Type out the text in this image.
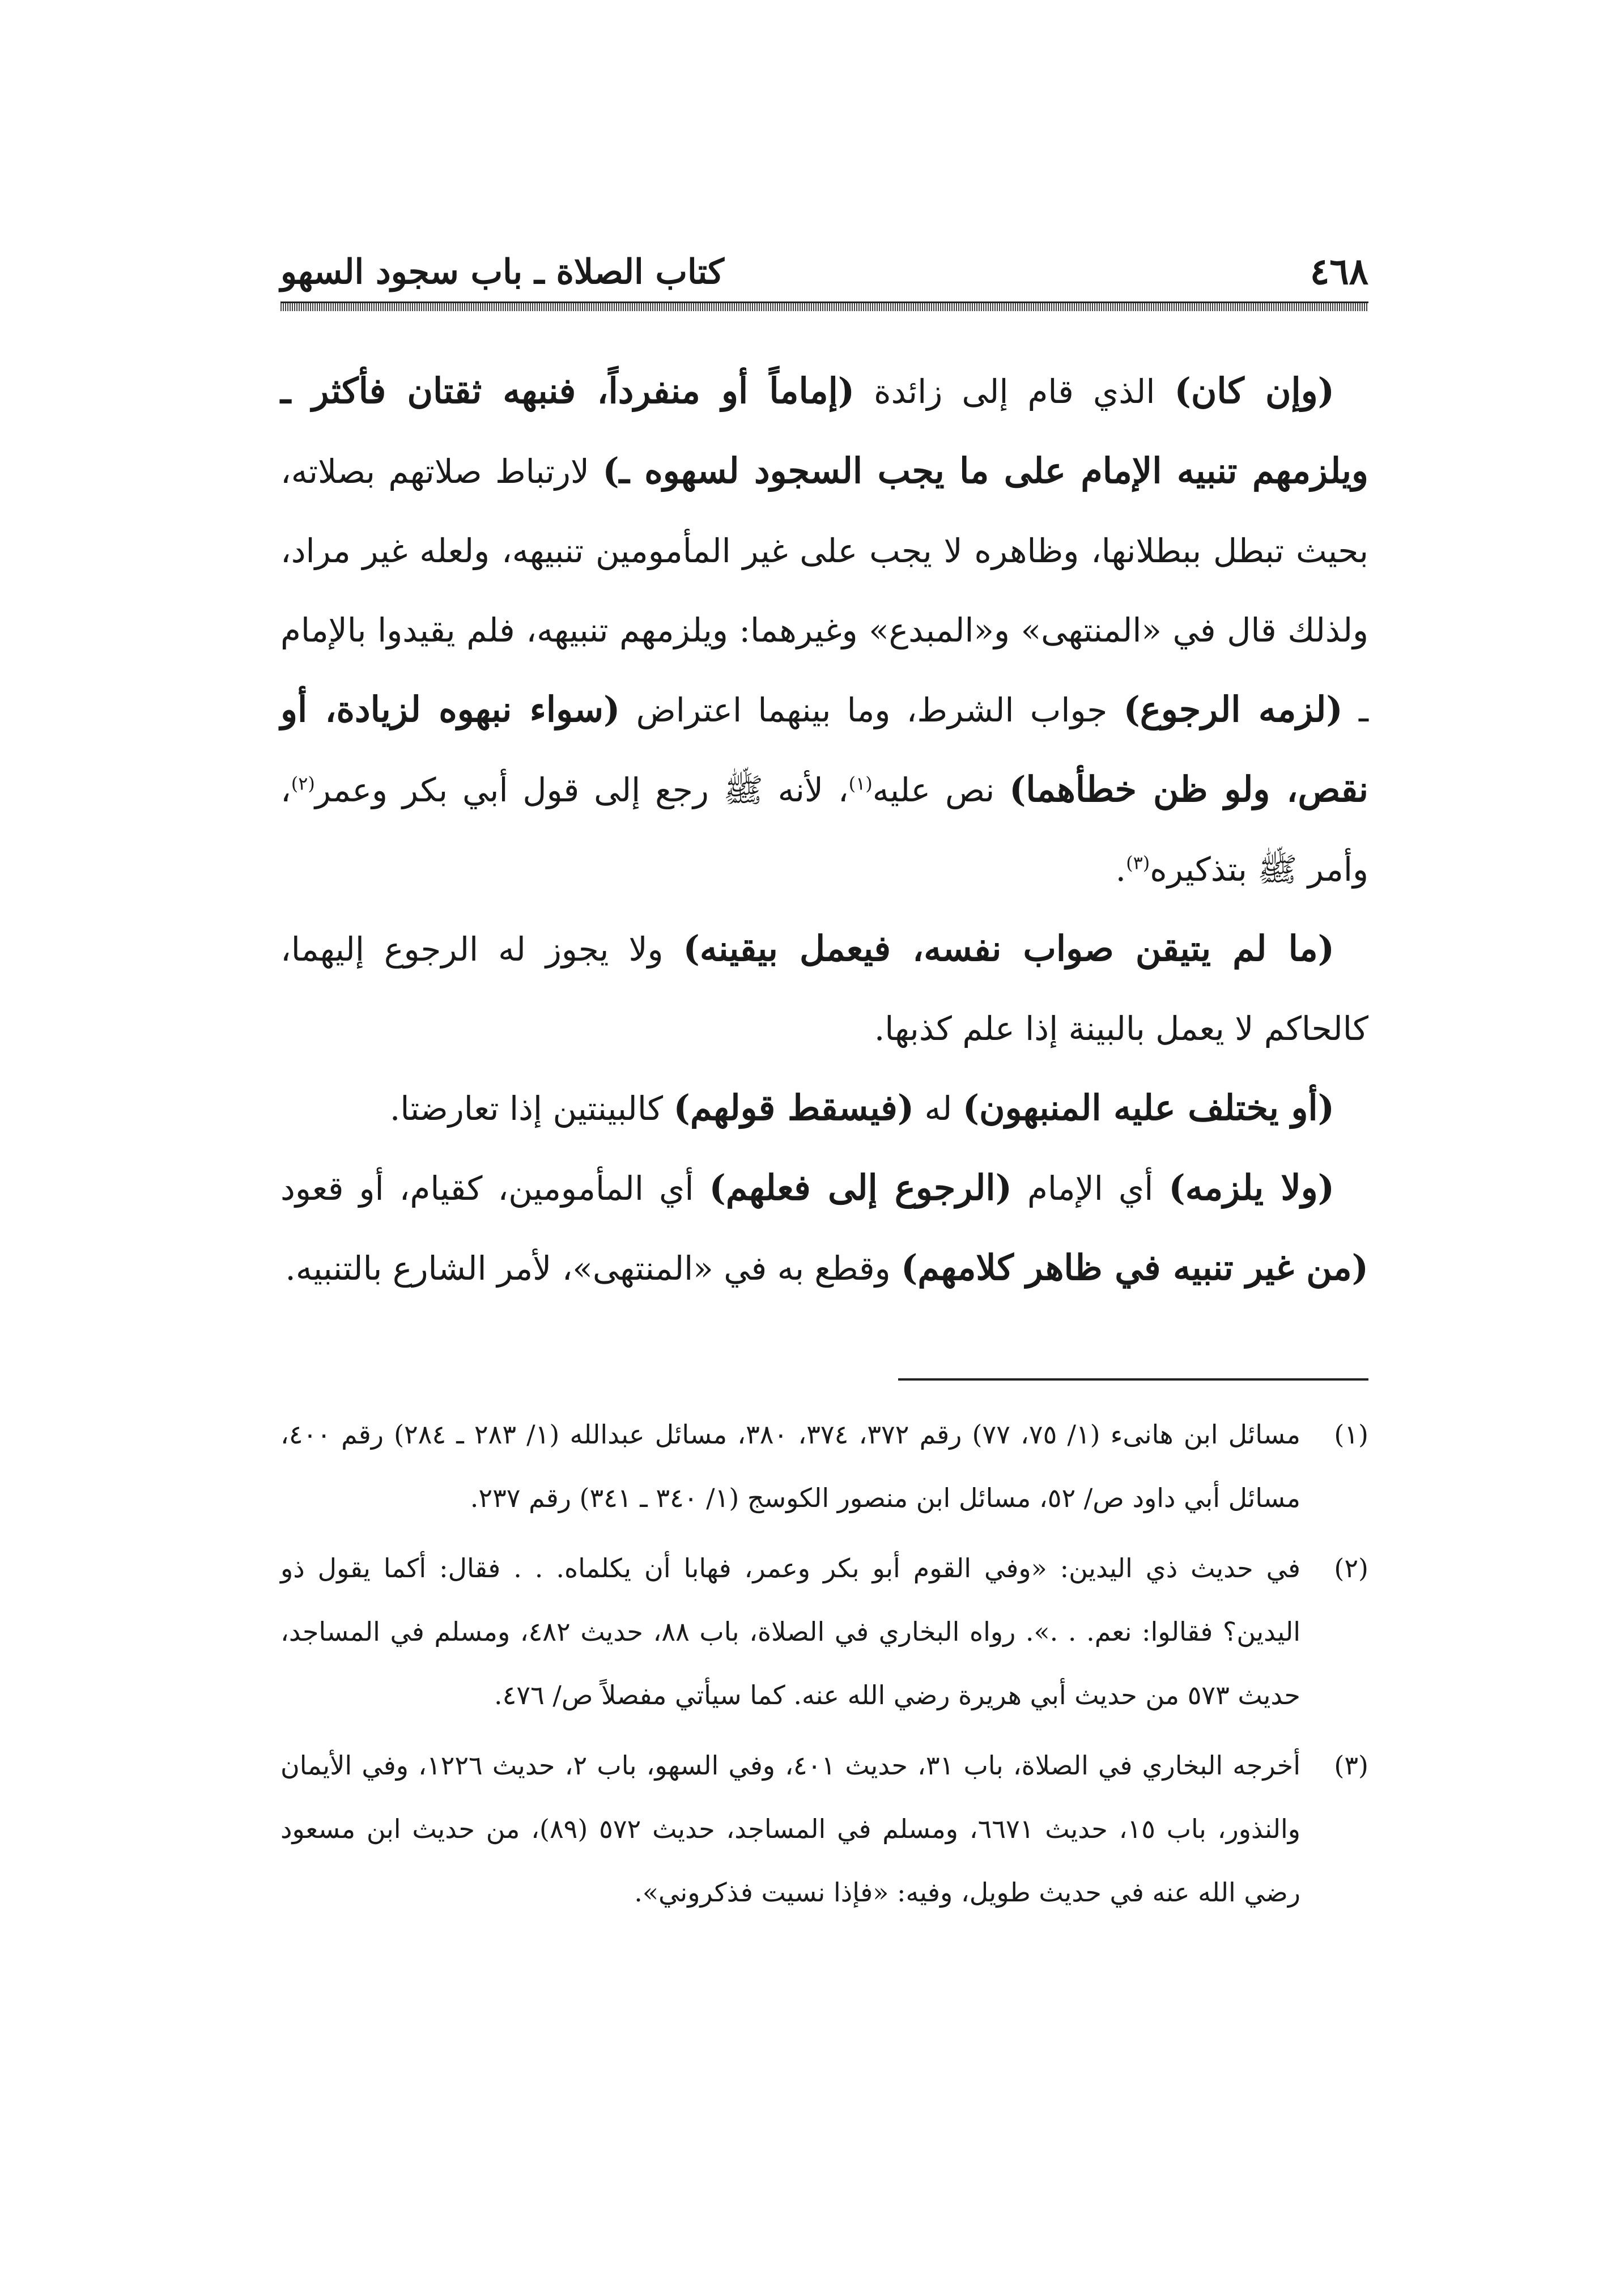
٤٦٨
كتاب الصلاة ـ باب سجود السهو

(وإن كان) الذي قام إلى زائدة (إماماً أو منفرداً، فنبهه ثقتان فأكثر ـ ويلزمهم تنبيه الإمام على ما يجب السجود لسهوه ـ) لارتباط صلاتهم بصلاته، بحيث تبطل ببطلانها، وظاهره لا يجب على غير المأمومين تنبيهه، ولعله غير مراد، ولذلك قال في «المنتهى» و«المبدع» وغيرهما: ويلزمهم تنبيهه، فلم يقيدوا بالإمام ـ (لزمه الرجوع) جواب الشرط، وما بينهما اعتراض (سواء نبهوه لزيادة، أو نقص، ولو ظن خطأهما) نص عليه$^{(١)}$، لأنه ﷺ رجع إلى قول أبي بكر وعمر$^{(٢)}$، وأمر ﷺ بتذكيره$^{(٣)}$.

(ما لم يتيقن صواب نفسه، فيعمل بيقينه) ولا يجوز له الرجوع إليهما، كالحاكم لا يعمل بالبينة إذا علم كذبها.

(أو يختلف عليه المنبهون) له (فيسقط قولهم) كالبينتين إذا تعارضتا.

(ولا يلزمه) أي الإمام (الرجوع إلى فعلهم) أي المأمومين، كقيام، أو قعود (من غير تنبيه في ظاهر كلامهم) وقطع به في «المنتهى»، لأمر الشارع بالتنبيه.

(١)
مسائل ابن هانىء (١/ ٧٥، ٧٧) رقم ٣٧٢، ٣٧٤، ٣٨٠، مسائل عبدالله (١/ ٢٨٣ ـ ٢٨٤) رقم ٤٠٠، مسائل أبي داود ص/ ٥٢، مسائل ابن منصور الكوسج (١/ ٣٤٠ ـ ٣٤١) رقم ٢٣٧.
(٢)
في حديث ذي اليدين: «وفي القوم أبو بكر وعمر، فهابا أن يكلماه. . . فقال: أكما يقول ذو اليدين؟ فقالوا: نعم. . .». رواه البخاري في الصلاة، باب ٨٨، حديث ٤٨٢، ومسلم في المساجد، حديث ٥٧٣ من حديث أبي هريرة رضي الله عنه. كما سيأتي مفصلاً ص/ ٤٧٦.
(٣)
أخرجه البخاري في الصلاة، باب ٣١، حديث ٤٠١، وفي السهو، باب ٢، حديث ١٢٢٦، وفي الأيمان والنذور، باب ١٥، حديث ٦٦٧١، ومسلم في المساجد، حديث ٥٧٢ (٨٩)، من حديث ابن مسعود رضي الله عنه في حديث طويل، وفيه: «فإذا نسيت فذكروني».
